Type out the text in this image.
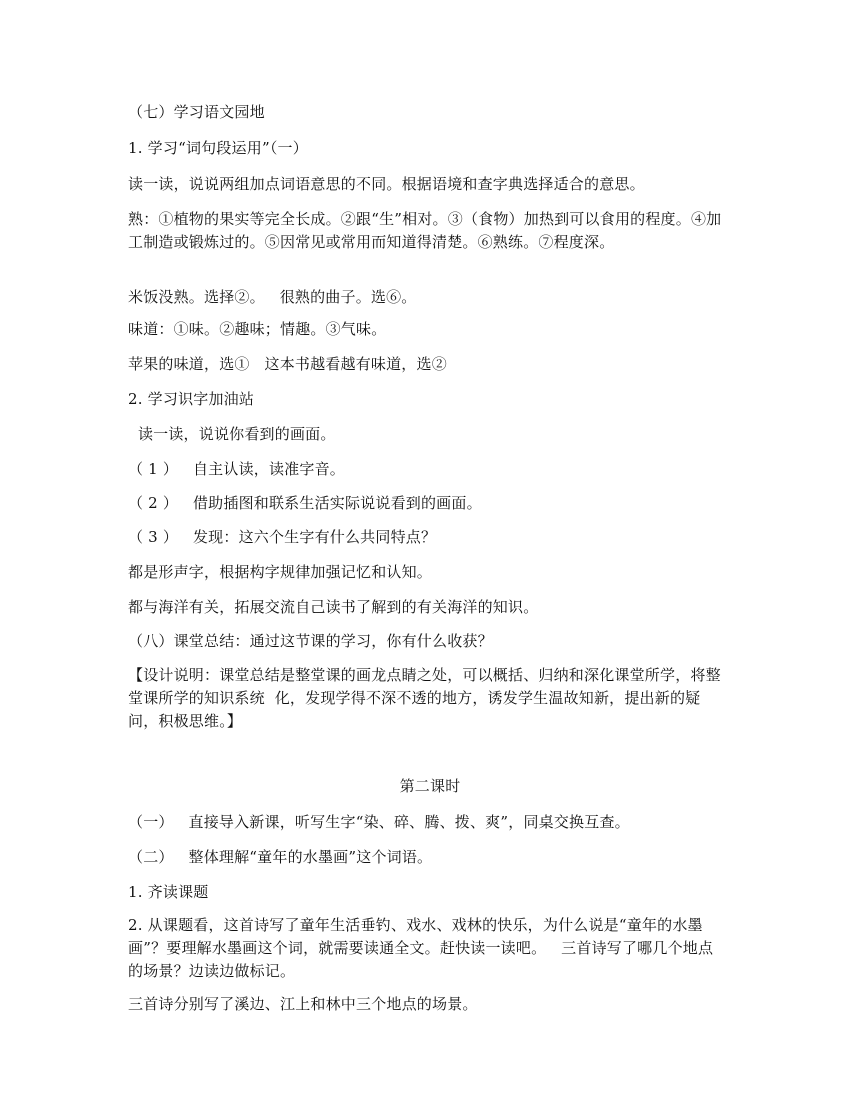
（七）学习语文园地
1. 学习“词句段运用”（一）
读一读，说说两组加点词语意思的不同。根据语境和查字典选择适合的意思。
熟：①植物的果实等完全长成。②跟“生”相对。③（食物）加热到可以食用的程度。④加工制造或锻炼过的。⑤因常见或常用而知道得清楚。⑥熟练。⑦程度深。
米饭没熟。选择②。   很熟的曲子。选⑥。
味道：①味。②趣味；情趣。③气味。
苹果的味道，选①   这本书越看越有味道，选②
2. 学习识字加油站
读一读，说说你看到的画面。
（ 1 ）   自主认读，读准字音。
（ 2 ）   借助插图和联系生活实际说说看到的画面。
（ 3 ）   发现：这六个生字有什么共同特点？
都是形声字，根据构字规律加强记忆和认知。
都与海洋有关，拓展交流自己读书了解到的有关海洋的知识。
（八）课堂总结：通过这节课的学习，你有什么收获？
【设计说明：课堂总结是整堂课的画龙点睛之处，可以概括、归纳和深化课堂所学，将整堂课所学的知识系统  化，发现学得不深不透的地方，诱发学生温故知新，提出新的疑问，积极思维。】
第二课时
（一）   直接导入新课，听写生字“染、碎、腾、拨、爽”，同桌交换互查。
（二）   整体理解“童年的水墨画”这个词语。
1. 齐读课题
2. 从课题看，这首诗写了童年生活垂钓、戏水、戏林的快乐，为什么说是“童年的水墨画”？要理解水墨画这个词，就需要读通全文。赶快读一读吧。   三首诗写了哪几个地点的场景？边读边做标记。
三首诗分别写了溪边、江上和林中三个地点的场景。
